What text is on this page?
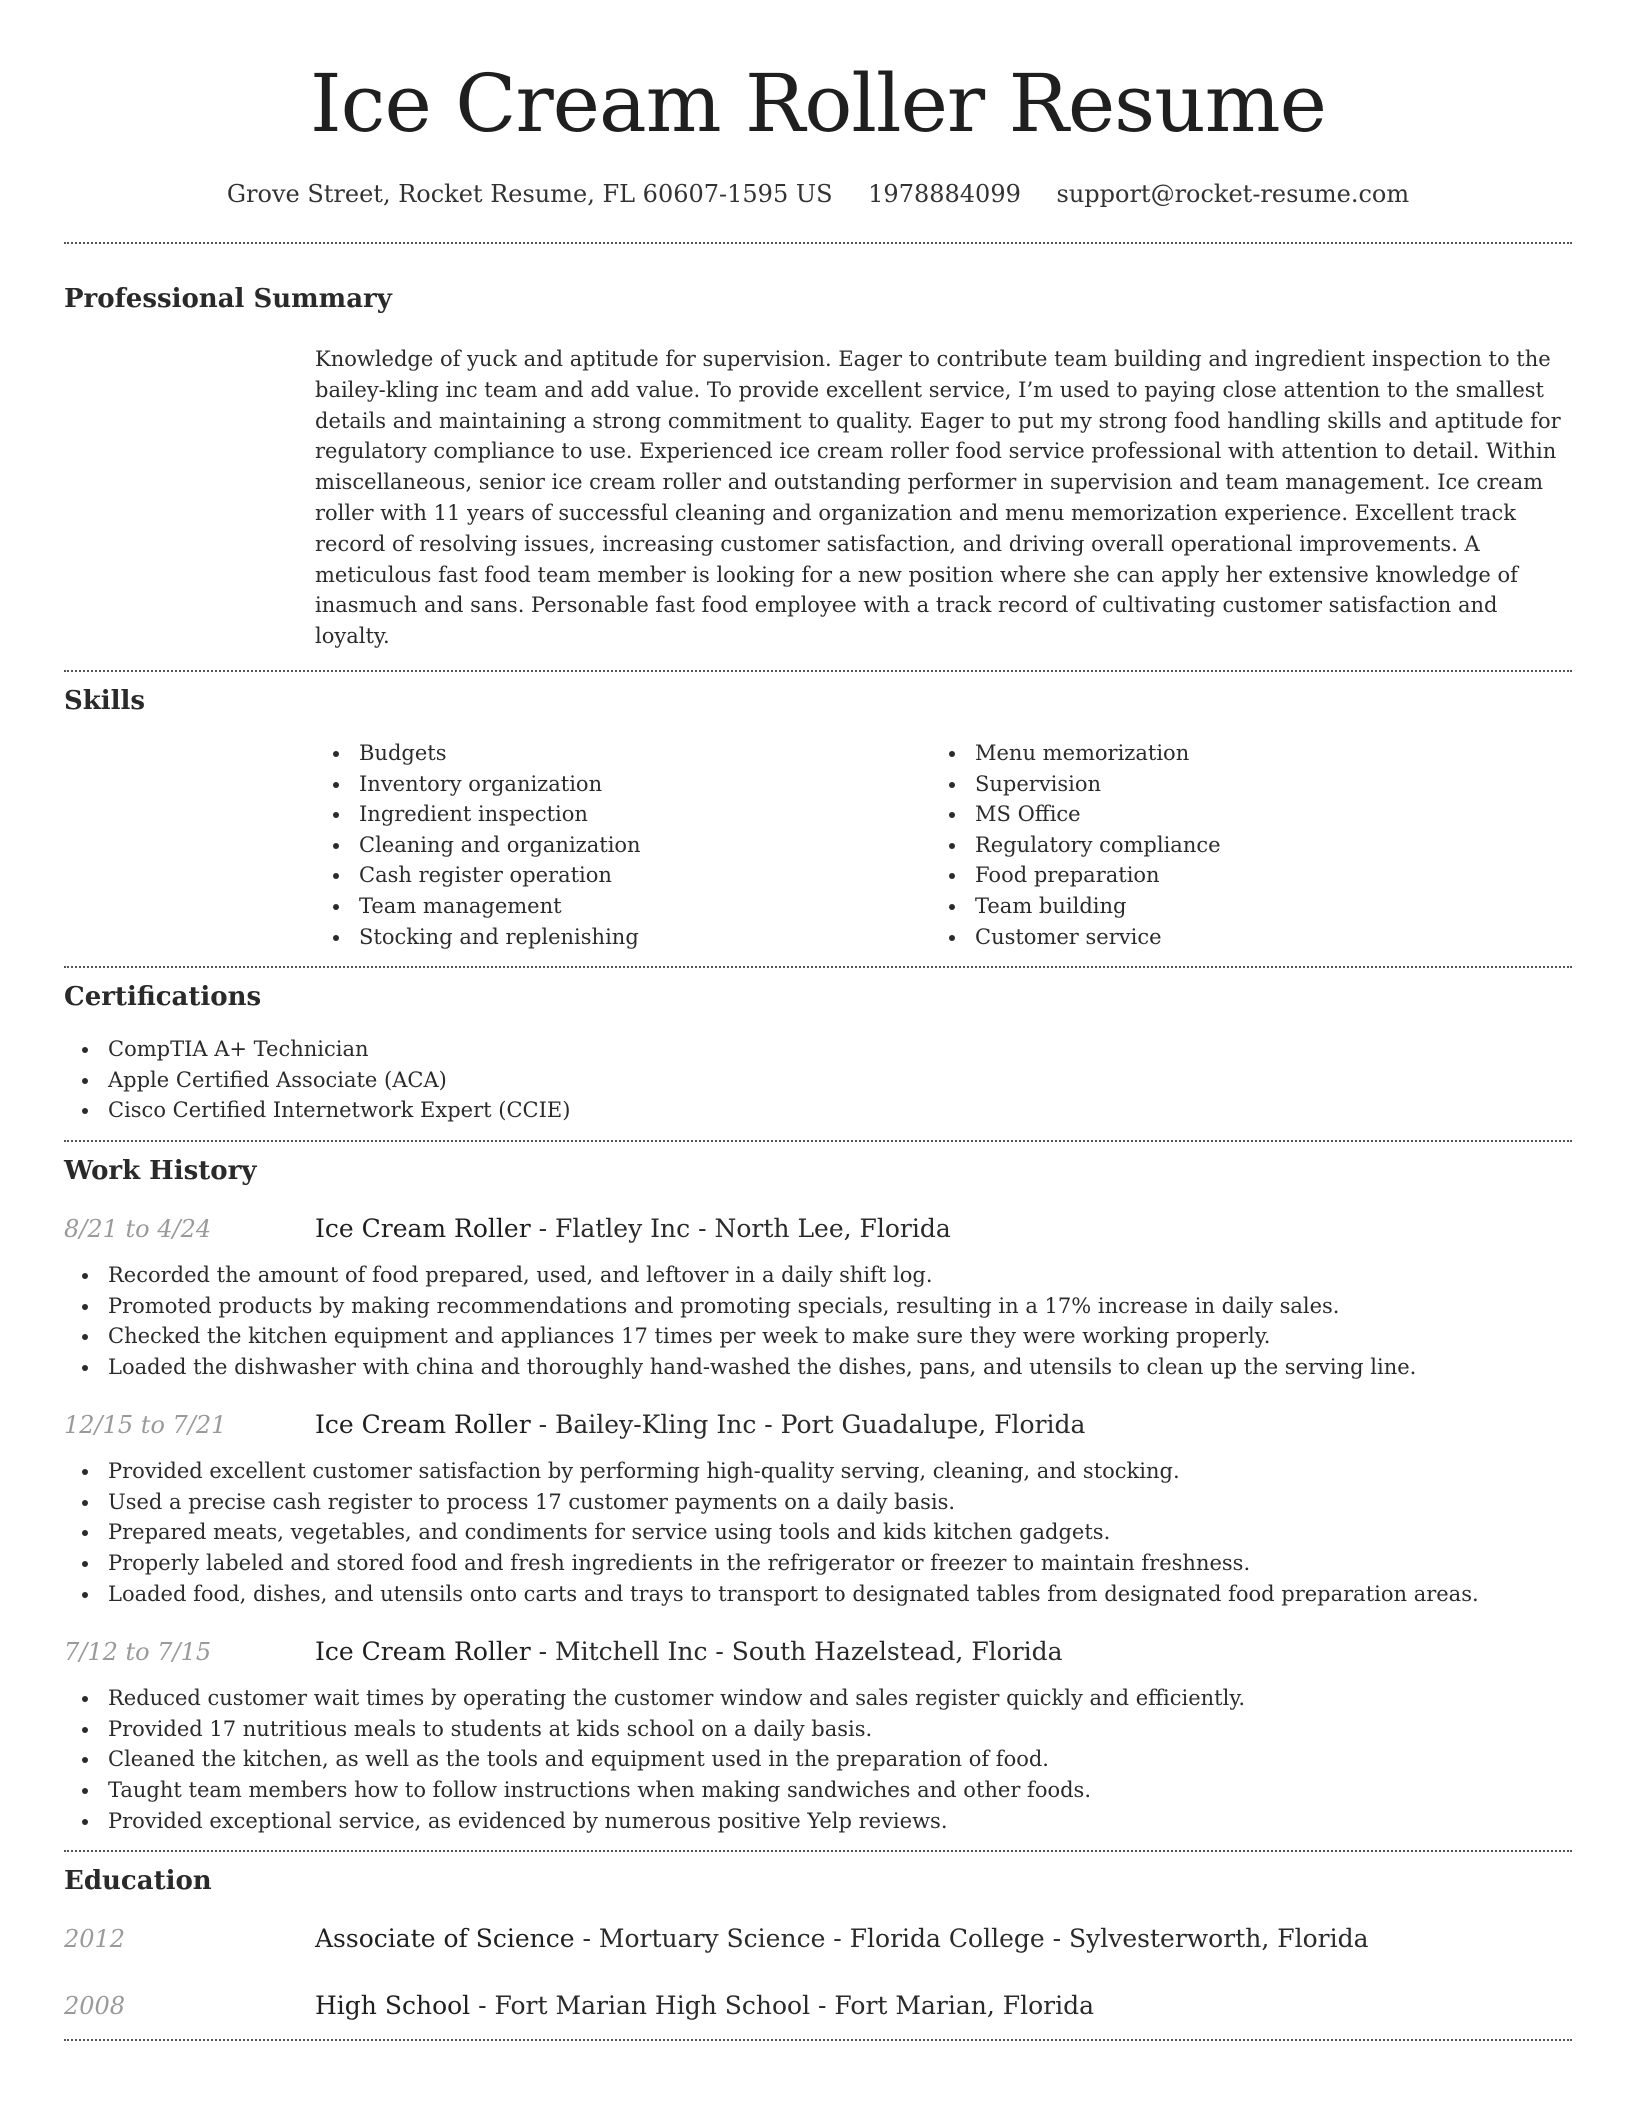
Ice Cream Roller Resume
Grove Street, Rocket Resume, FL 60607-1595 US 1978884099 support@rocket-resume.com
Professional Summary

Knowledge of yuck and aptitude for supervision. Eager to contribute team building and ingredient inspection to the bailey-kling inc team and add value. To provide excellent service, I’m used to paying close attention to the smallest details and maintaining a strong commitment to quality. Eager to put my strong food handling skills and aptitude for regulatory compliance to use. Experienced ice cream roller food service professional with attention to detail. Within miscellaneous, senior ice cream roller and outstanding performer in supervision and team management. Ice cream roller with 11 years of successful cleaning and organization and menu memorization experience. Excellent track record of resolving issues, increasing customer satisfaction, and driving overall operational improvements. A meticulous fast food team member is looking for a new position where she can apply her extensive knowledge of inasmuch and sans. Personable fast food employee with a track record of cultivating customer satisfaction and loyalty.

Skills
Budgets
Inventory organization
Ingredient inspection
Cleaning and organization
Cash register operation
Team management
Stocking and replenishing
Menu memorization
Supervision
MS Office
Regulatory compliance
Food preparation
Team building
Customer service
Certifications
CompTIA A+ Technician
Apple Certified Associate (ACA)
Cisco Certified Internetwork Expert (CCIE)
Work History
8/21 to 4/24	Ice Cream Roller - Flatley Inc - North Lee, Florida
Recorded the amount of food prepared, used, and leftover in a daily shift log.
Promoted products by making recommendations and promoting specials, resulting in a 17% increase in daily sales.
Checked the kitchen equipment and appliances 17 times per week to make sure they were working properly.
Loaded the dishwasher with china and thoroughly hand-washed the dishes, pans, and utensils to clean up the serving line.
12/15 to 7/21	Ice Cream Roller - Bailey-Kling Inc - Port Guadalupe, Florida
Provided excellent customer satisfaction by performing high-quality serving, cleaning, and stocking.
Used a precise cash register to process 17 customer payments on a daily basis.
Prepared meats, vegetables, and condiments for service using tools and kids kitchen gadgets.
Properly labeled and stored food and fresh ingredients in the refrigerator or freezer to maintain freshness.
Loaded food, dishes, and utensils onto carts and trays to transport to designated tables from designated food preparation areas.
7/12 to 7/15	Ice Cream Roller - Mitchell Inc - South Hazelstead, Florida
Reduced customer wait times by operating the customer window and sales register quickly and efficiently.
Provided 17 nutritious meals to students at kids school on a daily basis.
Cleaned the kitchen, as well as the tools and equipment used in the preparation of food.
Taught team members how to follow instructions when making sandwiches and other foods.
Provided exceptional service, as evidenced by numerous positive Yelp reviews.
Education
2012	Associate of Science - Mortuary Science - Florida College - Sylvesterworth, Florida
2008	High School - Fort Marian High School - Fort Marian, Florida
